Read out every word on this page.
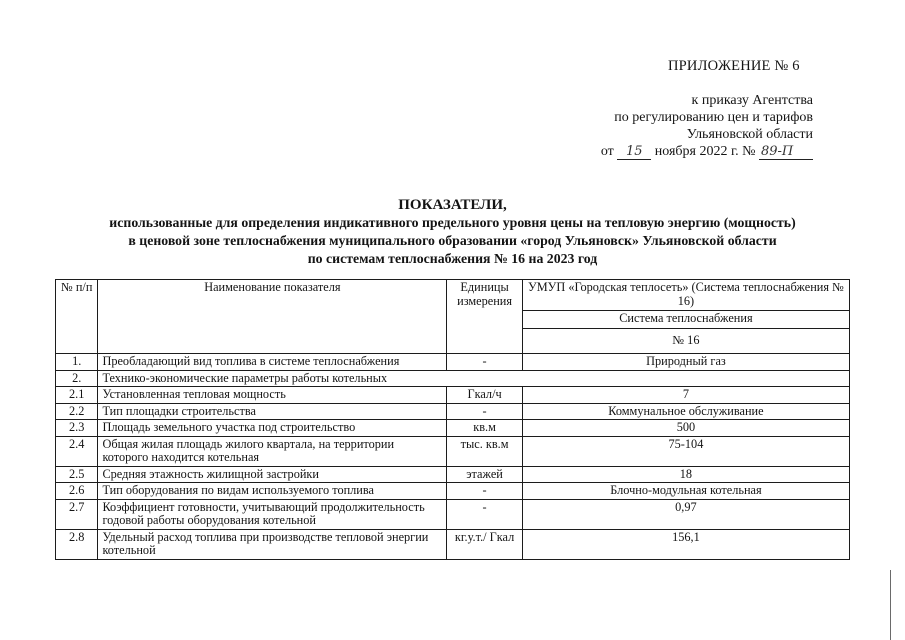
ПРИЛОЖЕНИЕ № 6
к приказу Агентства
по регулированию цен и тарифов
Ульяновской области
от 15 ноября 2022 г. № 89-П
ПОКАЗАТЕЛИ,
использованные для определения индикативного предельного уровня цены на тепловую энергию (мощность)
в ценовой зоне теплоснабжения муниципального образовании «город Ульяновск» Ульяновской области
по системам теплоснабжения № 16 на 2023 год
№ п/п	Наименование показателя	Единицы измерения	УМУП «Городская теплосеть» (Система теплоснабжения № 16)
			Система теплоснабжения
			№ 16
1.	Преобладающий вид топлива в системе теплоснабжения	-	Природный газ
2.	Технико-экономические параметры работы котельных		
2.1	Установленная тепловая мощность	Гкал/ч	7
2.2	Тип площадки строительства	-	Коммунальное обслуживание
2.3	Площадь земельного участка под строительство	кв.м	500
2.4	Общая жилая площадь жилого квартала, на территории которого находится котельная	тыс. кв.м	75-104
2.5	Средняя этажность жилищной застройки	этажей	18
2.6	Тип оборудования по видам используемого топлива	-	Блочно-модульная котельная
2.7	Коэффициент готовности, учитывающий продолжительность годовой работы оборудования котельной	-	0,97
2.8	Удельный расход топлива при производстве тепловой энергии котельной	кг.у.т./ Гкал	156,1
